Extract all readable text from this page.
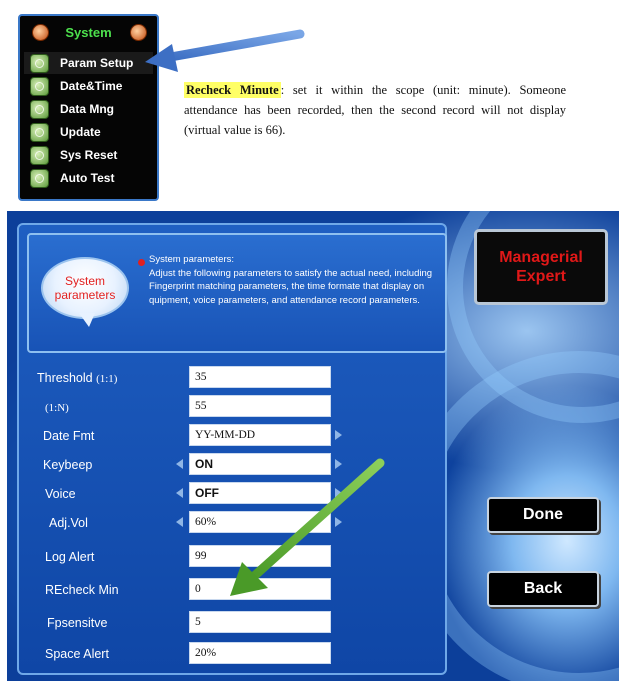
System
Param Setup
Date&Time
Data Mng
Update
Sys Reset
Auto Test
Recheck Minute : set it within the scope (unit: minute). Someone attendance has been recorded, then the second record will not display (virtual value is 66).
System
parameters
System parameters:
Adjust the following parameters to satisfy the actual need, including Fingerprint matching parameters, the time formate that display on quipment, voice parameters, and attendance record parameters.
Threshold (1:1)	35
(1:N)	55
Date Fmt	YY-MM-DD
Keybeep	ON
Voice	OFF
Adj.Vol	60%
Log Alert	99
REcheck Min	0
Fpsensitve	5
Space Alert	20%
Managerial
Expert
Done
Back
